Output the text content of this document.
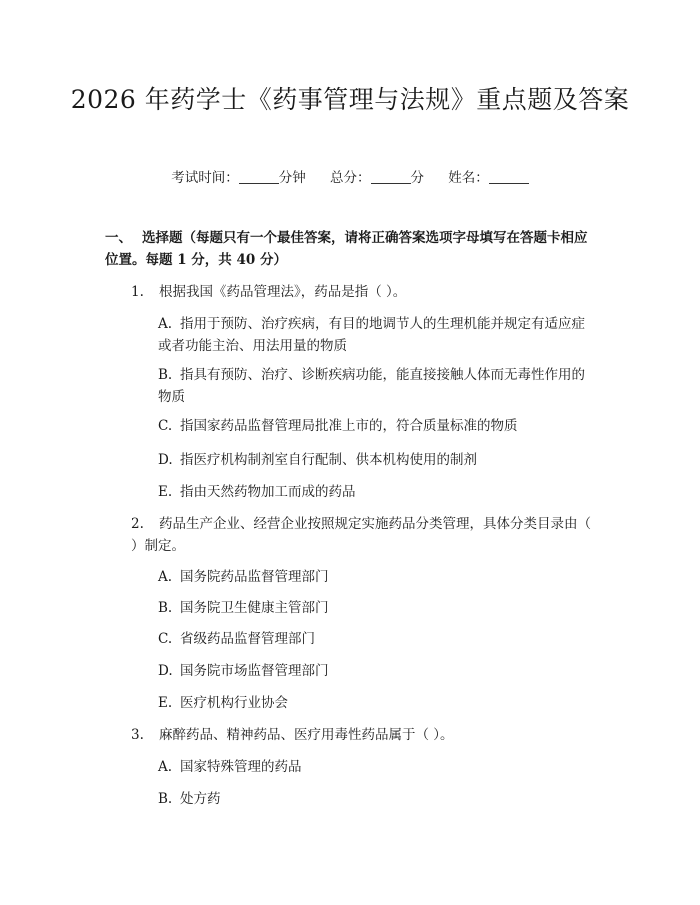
2026 年药学士《药事管理与法规》重点题及答案
考试时间：	分钟 总分：	分 姓名：
一、 选择题（每题只有一个最佳答案，请将正确答案选项字母填写在答题卡相应位置。每题 1 分，共 40 分）
1. 根据我国《药品管理法》，药品是指（ ）。
A. 指用于预防、治疗疾病，有目的地调节人的生理机能并规定有适应症或者功能主治、用法用量的物质
B. 指具有预防、治疗、诊断疾病功能，能直接接触人体而无毒性作用的物质
C. 指国家药品监督管理局批准上市的，符合质量标准的物质
D. 指医疗机构制剂室自行配制、供本机构使用的制剂
E. 指由天然药物加工而成的药品
2. 药品生产企业、经营企业按照规定实施药品分类管理，具体分类目录由（ ）制定。
A. 国务院药品监督管理部门
B. 国务院卫生健康主管部门
C. 省级药品监督管理部门
D. 国务院市场监督管理部门
E. 医疗机构行业协会
3. 麻醉药品、精神药品、医疗用毒性药品属于（ ）。
A. 国家特殊管理的药品
B. 处方药
